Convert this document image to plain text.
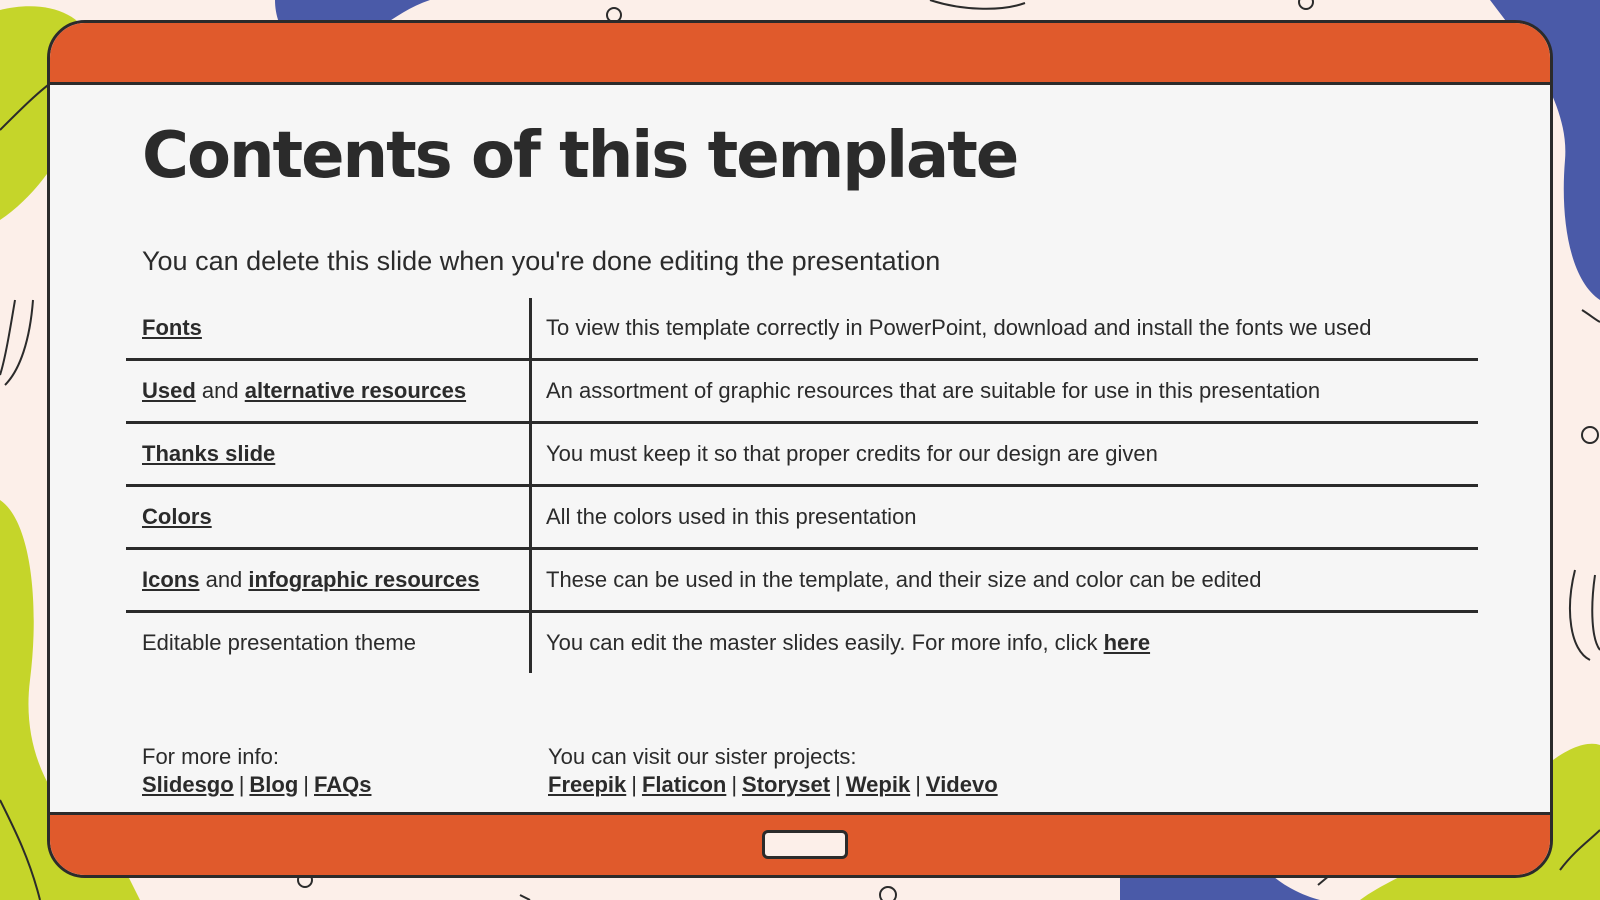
Contents of this template

You can delete this slide when you're done editing the presentation

Fonts	To view this template correctly in PowerPoint, download and install the fonts we used
Used and alternative resources	An assortment of graphic resources that are suitable for use in this presentation
Thanks slide	You must keep it so that proper credits for our design are given
Colors	All the colors used in this presentation
Icons and infographic resources	These can be used in the template, and their size and color can be edited
Editable presentation theme	You can edit the master slides easily. For more info, click here
For more info:
Slidesgo | Blog | FAQs
You can visit our sister projects:
Freepik | Flaticon | Storyset | Wepik | Videvo
